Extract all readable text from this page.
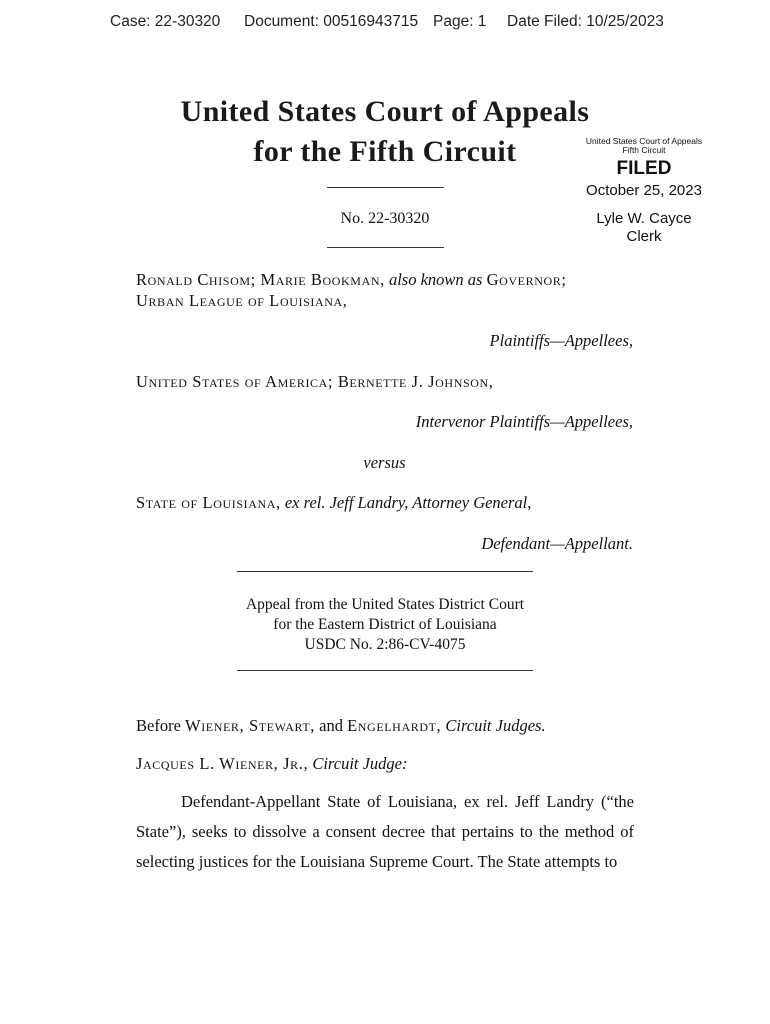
Case: 22-30320 Document: 00516943715 Page: 1 Date Filed: 10/25/2023
United States Court of Appeals
for the Fifth Circuit
No. 22-30320
United States Court of Appeals Fifth Circuit
FILED
October 25, 2023
Lyle W. Cayce
Clerk
Ronald Chisom; Marie Bookman, also known as Governor;
Urban League of Louisiana,
Plaintiffs—Appellees,
United States of America; Bernette J. Johnson,
Intervenor Plaintiffs—Appellees,
versus
State of Louisiana, ex rel. Jeff Landry, Attorney General,
Defendant—Appellant.
Appeal from the United States District Court
for the Eastern District of Louisiana
USDC No. 2:86-CV-4075
Before Wiener, Stewart, and Engelhardt, Circuit Judges.
Jacques L. Wiener, Jr., Circuit Judge:
Defendant-Appellant State of Louisiana, ex rel. Jeff Landry (“the State”), seeks to dissolve a consent decree that pertains to the method of selecting justices for the Louisiana Supreme Court. The State attempts to
